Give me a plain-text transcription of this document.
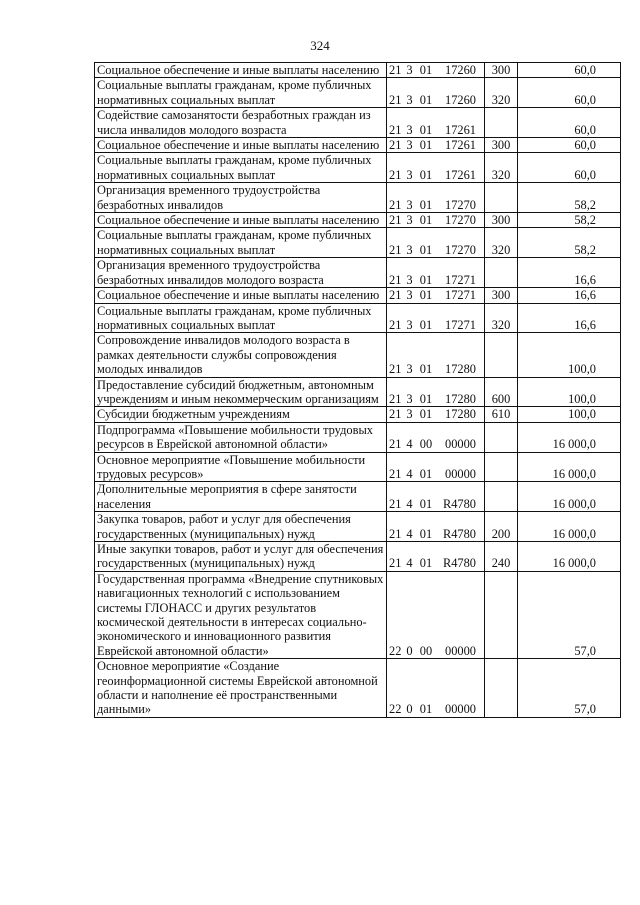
324
Социальное обеспечение и иные выплаты населению	21 3 01 17260	300	60,0
Социальные выплаты гражданам, кроме публичных нормативных социальных выплат	21 3 01 17260	320	60,0
Содействие самозанятости безработных граждан из числа инвалидов молодого возраста	21 3 01 17261		60,0
Социальное обеспечение и иные выплаты населению	21 3 01 17261	300	60,0
Социальные выплаты гражданам, кроме публичных нормативных социальных выплат	21 3 01 17261	320	60,0
Организация временного трудоустройства безработных инвалидов	21 3 01 17270		58,2
Социальное обеспечение и иные выплаты населению	21 3 01 17270	300	58,2
Социальные выплаты гражданам, кроме публичных нормативных социальных выплат	21 3 01 17270	320	58,2
Организация временного трудоустройства безработных инвалидов молодого возраста	21 3 01 17271		16,6
Социальное обеспечение и иные выплаты населению	21 3 01 17271	300	16,6
Социальные выплаты гражданам, кроме публичных нормативных социальных выплат	21 3 01 17271	320	16,6
Сопровождение инвалидов молодого возраста в рамках деятельности службы сопровождения молодых инвалидов	21 3 01 17280		100,0
Предоставление субсидий бюджетным, автономным учреждениям и иным некоммерческим организациям	21 3 01 17280	600	100,0
Субсидии бюджетным учреждениям	21 3 01 17280	610	100,0
Подпрограмма «Повышение мобильности трудовых ресурсов в Еврейской автономной области»	21 4 00 00000		16 000,0
Основное мероприятие «Повышение мобильности трудовых ресурсов»	21 4 01 00000		16 000,0
Дополнительные мероприятия в сфере занятости населения	21 4 01 R4780		16 000,0
Закупка товаров, работ и услуг для обеспечения государственных (муниципальных) нужд	21 4 01 R4780	200	16 000,0
Иные закупки товаров, работ и услуг для обеспечения государственных (муниципальных) нужд	21 4 01 R4780	240	16 000,0
Государственная программа «Внедрение спутниковых навигационных технологий с использованием системы ГЛОНАСС и других результатов космической деятельности в интересах социально-экономического и инновационного развития Еврейской автономной области»	22 0 00 00000		57,0
Основное мероприятие «Создание геоинформационной системы Еврейской автономной области и наполнение её пространственными данными»	22 0 01 00000		57,0
